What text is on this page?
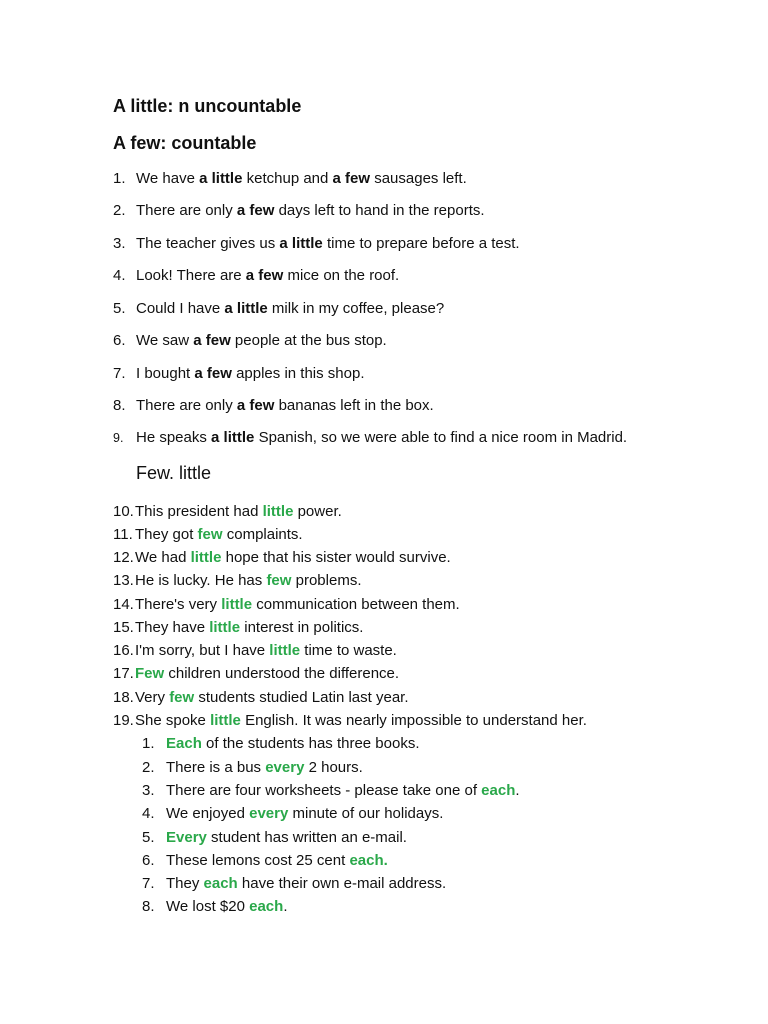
A little: n uncountable
A few: countable
1. We have a little ketchup and a few sausages left.
2. There are only a few days left to hand in the reports.
3. The teacher gives us a little time to prepare before a test.
4. Look! There are a few mice on the roof.
5. Could I have a little milk in my coffee, please?
6. We saw a few people at the bus stop.
7. I bought a few apples in this shop.
8. There are only a few bananas left in the box.
9. He speaks a little Spanish, so we were able to find a nice room in Madrid.
Few. little
10.This president had little power.
11. They got few complaints.
12.We had little hope that his sister would survive.
13.He is lucky. He has few problems.
14.There's very little communication between them.
15.They have little interest in politics.
16.I'm sorry, but I have little time to waste.
17.Few children understood the difference.
18.Very few students studied Latin last year.
19.She spoke little English. It was nearly impossible to understand her.
1. Each of the students has three books.
2. There is a bus every 2 hours.
3. There are four worksheets - please take one of each.
4. We enjoyed every minute of our holidays.
5. Every student has written an e-mail.
6. These lemons cost 25 cent each.
7. They each have their own e-mail address.
8. We lost $20 each.
